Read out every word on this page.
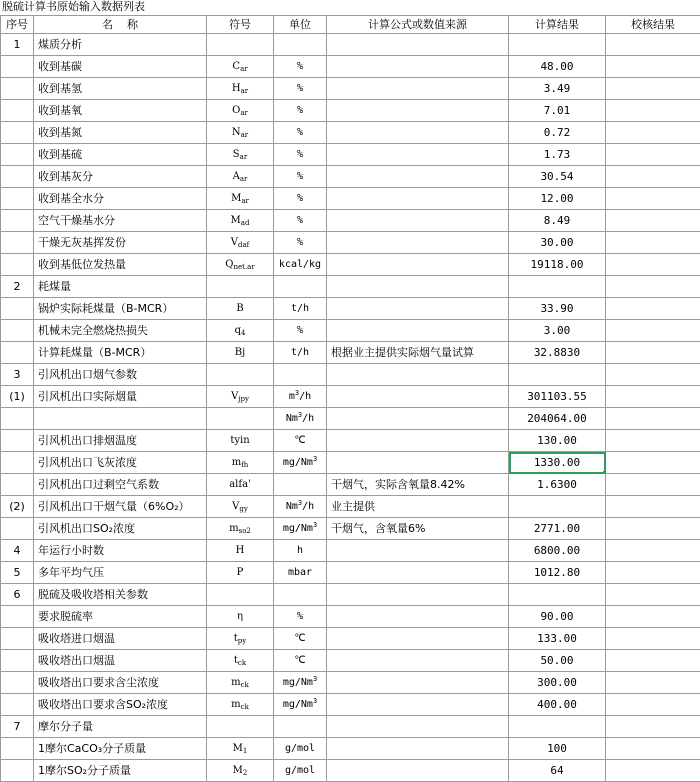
脱硫计算书原始输入数据列表
序号	名    称	符号	单位	计算公式或数值来源	计算结果	校核结果
1	煤质分析					
	收到基碳	$C_{ar}$	%		48.00	
	收到基氢	$H_{ar}$	%		3.49	
	收到基氧	$O_{ar}$	%		7.01	
	收到基氮	$N_{ar}$	%		0.72	
	收到基硫	$S_{ar}$	%		1.73	
	收到基灰分	$A_{ar}$	%		30.54	
	收到基全水分	$M_{ar}$	%		12.00	
	空气干燥基水分	$M_{ad}$	%		8.49	
	干燥无灰基挥发份	$V_{daf}$	%		30.00	
	收到基低位发热量	$Q_{net.ar}$	kcal/kg		19118.00	
2	耗煤量					
	锅炉实际耗煤量（B-MCR）	B	t/h		33.90	
	机械未完全燃烧热损失	$q_4$	%		3.00	
	计算耗煤量（B-MCR）	Bj	t/h	根据业主提供实际烟气量试算	32.8830	
3	引风机出口烟气参数					
(1)	引风机出口实际烟量	$V_{jpy}$	$m^3/h$		301103.55	
			Nm$^3$/h		204064.00	
	引风机出口排烟温度	tyin	℃		130.00	
	引风机出口飞灰浓度	$m_{fh}$	mg/Nm$^3$		1330.00	
	引风机出口过剩空气系数	alfa'		干烟气，实际含氧量8.42%	1.6300	
(2)	引风机出口干烟气量（6%O₂）	$V_{gy}$	Nm$^3$/h	业主提供		
	引风机出口SO₂浓度	$m_{so2}$	mg/Nm$^3$	干烟气，含氧量6%	2771.00	
4	年运行小时数	H	h		6800.00	
5	多年平均气压	P	mbar		1012.80	
6	脱硫及吸收塔相关参数					
	要求脱硫率	η	%		90.00	
	吸收塔进口烟温	$t_{py}$	℃		133.00	
	吸收塔出口烟温	$t_{ck}$	℃		50.00	
	吸收塔出口要求含尘浓度	$m_{ck}$	mg/Nm$^3$		300.00	
	吸收塔出口要求含SO₂浓度	$m_{ck}$	mg/Nm$^3$		400.00	
7	摩尔分子量					
	1摩尔CaCO₃分子质量	$M_1$	g/mol		100	
	1摩尔SO₂分子质量	$M_2$	g/mol		64	
